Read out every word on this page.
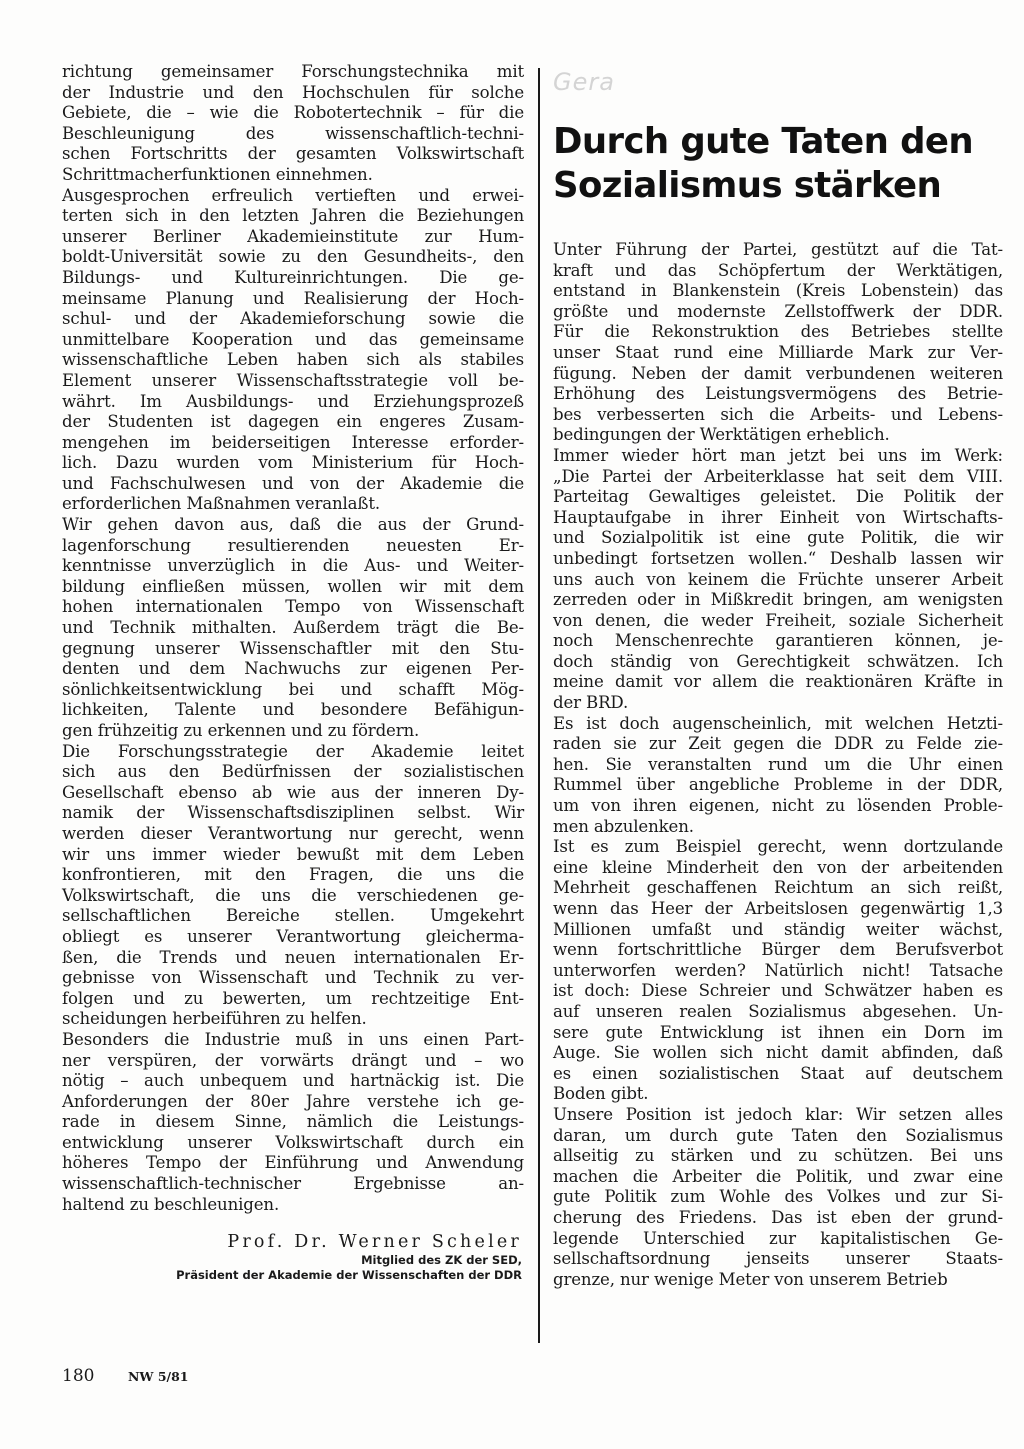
richtung gemeinsamer Forschungstechnika mit
der Industrie und den Hochschulen für solche
Gebiete, die – wie die Robotertechnik – für die
Beschleunigung des wissenschaftlich-techni-
schen Fortschritts der gesamten Volkswirtschaft
Schrittmacherfunktionen einnehmen.
Ausgesprochen erfreulich vertieften und erwei-
terten sich in den letzten Jahren die Beziehungen
unserer Berliner Akademieinstitute zur Hum-
boldt-Universität sowie zu den Gesundheits-, den
Bildungs- und Kultureinrichtungen. Die ge-
meinsame Planung und Realisierung der Hoch-
schul- und der Akademieforschung sowie die
unmittelbare Kooperation und das gemeinsame
wissenschaftliche Leben haben sich als stabiles
Element unserer Wissenschaftsstrategie voll be-
währt. Im Ausbildungs- und Erziehungsprozeß
der Studenten ist dagegen ein engeres Zusam-
mengehen im beiderseitigen Interesse erforder-
lich. Dazu wurden vom Ministerium für Hoch-
und Fachschulwesen und von der Akademie die
erforderlichen Maßnahmen veranlaßt.
Wir gehen davon aus, daß die aus der Grund-
lagenforschung resultierenden neuesten Er-
kenntnisse unverzüglich in die Aus- und Weiter-
bildung einfließen müssen, wollen wir mit dem
hohen internationalen Tempo von Wissenschaft
und Technik mithalten. Außerdem trägt die Be-
gegnung unserer Wissenschaftler mit den Stu-
denten und dem Nachwuchs zur eigenen Per-
sönlichkeitsentwicklung bei und schafft Mög-
lichkeiten, Talente und besondere Befähigun-
gen frühzeitig zu erkennen und zu fördern.
Die Forschungsstrategie der Akademie leitet
sich aus den Bedürfnissen der sozialistischen
Gesellschaft ebenso ab wie aus der inneren Dy-
namik der Wissenschaftsdisziplinen selbst. Wir
werden dieser Verantwortung nur gerecht, wenn
wir uns immer wieder bewußt mit dem Leben
konfrontieren, mit den Fragen, die uns die
Volkswirtschaft, die uns die verschiedenen ge-
sellschaftlichen Bereiche stellen. Umgekehrt
obliegt es unserer Verantwortung gleicherma-
ßen, die Trends und neuen internationalen Er-
gebnisse von Wissenschaft und Technik zu ver-
folgen und zu bewerten, um rechtzeitige Ent-
scheidungen herbeiführen zu helfen.
Besonders die Industrie muß in uns einen Part-
ner verspüren, der vorwärts drängt und – wo
nötig – auch unbequem und hartnäckig ist. Die
Anforderungen der 80er Jahre verstehe ich ge-
rade in diesem Sinne, nämlich die Leistungs-
entwicklung unserer Volkswirtschaft durch ein
höheres Tempo der Einführung und Anwendung
wissenschaftlich-technischer Ergebnisse an-
haltend zu beschleunigen.
Gera
Durch gute Taten den
Sozialismus stärken
Unter Führung der Partei, gestützt auf die Tat-
kraft und das Schöpfertum der Werktätigen,
entstand in Blankenstein (Kreis Lobenstein) das
größte und modernste Zellstoffwerk der DDR.
Für die Rekonstruktion des Betriebes stellte
unser Staat rund eine Milliarde Mark zur Ver-
fügung. Neben der damit verbundenen weiteren
Erhöhung des Leistungsvermögens des Betrie-
bes verbesserten sich die Arbeits- und Lebens-
bedingungen der Werktätigen erheblich.
Immer wieder hört man jetzt bei uns im Werk:
„Die Partei der Arbeiterklasse hat seit dem VIII.
Parteitag Gewaltiges geleistet. Die Politik der
Hauptaufgabe in ihrer Einheit von Wirtschafts-
und Sozialpolitik ist eine gute Politik, die wir
unbedingt fortsetzen wollen.“ Deshalb lassen wir
uns auch von keinem die Früchte unserer Arbeit
zerreden oder in Mißkredit bringen, am wenigsten
von denen, die weder Freiheit, soziale Sicherheit
noch Menschenrechte garantieren können, je-
doch ständig von Gerechtigkeit schwätzen. Ich
meine damit vor allem die reaktionären Kräfte in
der BRD.
Es ist doch augenscheinlich, mit welchen Hetzti-
raden sie zur Zeit gegen die DDR zu Felde zie-
hen. Sie veranstalten rund um die Uhr einen
Rummel über angebliche Probleme in der DDR,
um von ihren eigenen, nicht zu lösenden Proble-
men abzulenken.
Ist es zum Beispiel gerecht, wenn dortzulande
eine kleine Minderheit den von der arbeitenden
Mehrheit geschaffenen Reichtum an sich reißt,
wenn das Heer der Arbeitslosen gegenwärtig 1,3
Millionen umfaßt und ständig weiter wächst,
wenn fortschrittliche Bürger dem Berufsverbot
unterworfen werden? Natürlich nicht! Tatsache
ist doch: Diese Schreier und Schwätzer haben es
auf unseren realen Sozialismus abgesehen. Un-
sere gute Entwicklung ist ihnen ein Dorn im
Auge. Sie wollen sich nicht damit abfinden, daß
es einen sozialistischen Staat auf deutschem
Boden gibt.
Unsere Position ist jedoch klar: Wir setzen alles
daran, um durch gute Taten den Sozialismus
allseitig zu stärken und zu schützen. Bei uns
machen die Arbeiter die Politik, und zwar eine
gute Politik zum Wohle des Volkes und zur Si-
cherung des Friedens. Das ist eben der grund-
legende Unterschied zur kapitalistischen Ge-
sellschaftsordnung jenseits unserer Staats-
grenze, nur wenige Meter von unserem Betrieb
Prof. Dr. Werner Scheler
Mitglied des ZK der SED,
Präsident der Akademie der Wissenschaften der DDR
180	NW 5/81
